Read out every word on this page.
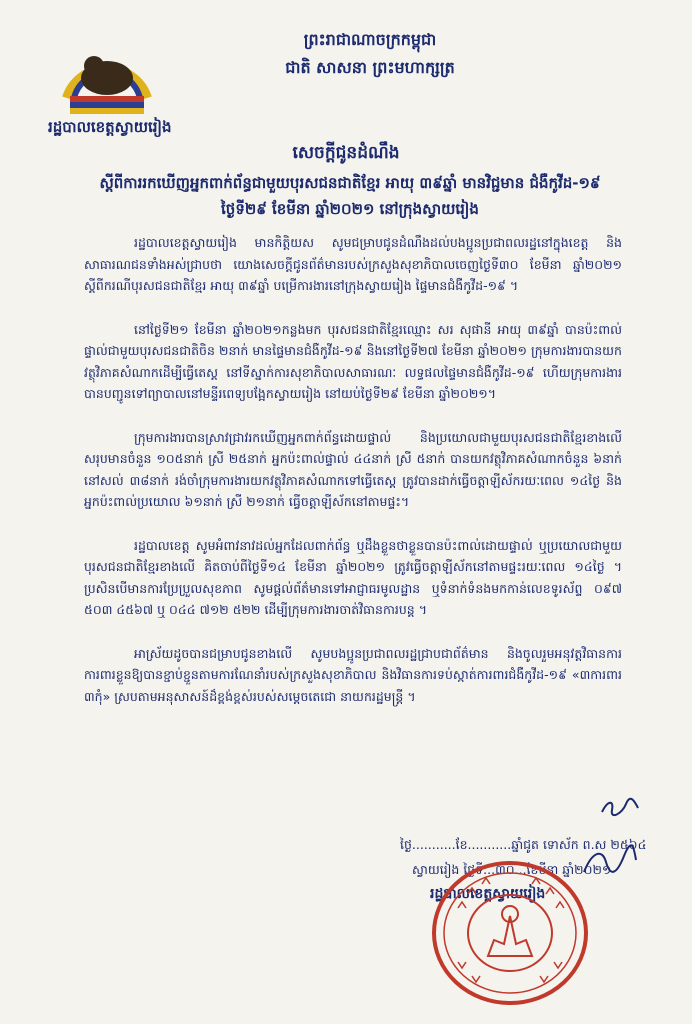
រដ្ឋបាលខេត្តស្វាយរៀង
ព្រះរាជាណាចក្រកម្ពុជា
ជាតិ សាសនា ព្រះមហាក្សត្រ
សេចក្តីជូនដំណឹង
ស្តីពីការរកឃើញអ្នកពាក់ព័ន្ធជាមួយបុរសជនជាតិខ្មែរ អាយុ ៣៩ឆ្នាំ មានវិជ្ជមាន ជំងឺកូវីដ-១៩ ថ្ងៃទី២៩ ខែមីនា ឆ្នាំ២០២១ នៅក្រុងស្វាយរៀង

រដ្ឋបាលខេត្តស្វាយរៀង មានកិត្តិយស សូមជម្រាបជូនដំណឹងដល់បងប្អូនប្រជាពលរដ្ឋនៅក្នុងខេត្ត និងសាធារណជនទាំងអស់ជ្រាបថា យោងសេចក្តីជូនព័ត៌មានរបស់ក្រសួងសុខាភិបាលចេញថ្ងៃទី៣០ ខែមីនា ឆ្នាំ២០២១ ស្តីពីករណីបុរសជនជាតិខ្មែរ អាយុ ៣៩ឆ្នាំ បម្រើការងារនៅក្រុងស្វាយរៀង ផ្ទៃមានជំងឺកូវីដ-១៩ ។

នៅថ្ងៃទី២១ ខែមីនា ឆ្នាំ២០២១កន្លងមក បុរសជនជាតិខ្មែរឈ្មោះ សរ សុផានី អាយុ ៣៩ឆ្នាំ បានប៉ះពាល់ផ្ទាល់ជាមួយបុរសជនជាតិចិន ២នាក់ មានផ្ទៃមានជំងឺកូវីដ-១៩ និងនៅថ្ងៃទី២៧ ខែមីនា ឆ្នាំ២០២១ ក្រុមការងារបានយកវត្ថុវិភាគសំណាកដើម្បីធ្វើតេស្ត នៅទីស្នាក់ការសុខាភិបាលសាធារណៈ លទ្ធផលផ្ទៃមានជំងឺកូវីដ-១៩ ហើយក្រុមការងារបានបញ្ជូនទៅព្យាបាលនៅមន្ទីរពេទ្យបង្អែកស្វាយរៀង នៅយប់ថ្ងៃទី២៩ ខែមីនា ឆ្នាំ២០២១។

ក្រុមការងារបានស្រាវជ្រាវរកឃើញអ្នកពាក់ព័ន្ធដោយផ្ទាល់ និងប្រយោលជាមួយបុរសជនជាតិខ្មែរខាងលើ សរុបមានចំនួន ១០៥នាក់ ស្រី ២៥នាក់ អ្នកប៉ះពាល់ផ្ទាល់ ៤៤នាក់ ស្រី ៥នាក់ បានយកវត្ថុវិភាគសំណាកចំនួន ៦នាក់ នៅសល់ ៣៨នាក់ រង់ចាំក្រុមការងារយកវត្ថុវិភាគសំណាកទៅធ្វើតេស្ត ត្រូវបានដាក់ធ្វើចត្តាឡីស័ករយៈពេល ១៤ថ្ងៃ និងអ្នកប៉ះពាល់ប្រយោល ៦១នាក់ ស្រី ២១នាក់ ធ្វើចត្តាឡីស័កនៅតាមផ្ទះ។

រដ្ឋបាលខេត្ត សូមអំពាវនាវដល់អ្នកដែលពាក់ព័ន្ធ ឬដឹងខ្លួនថាខ្លួនបានប៉ះពាល់ដោយផ្ទាល់ ឬប្រយោលជាមួយបុរសជនជាតិខ្មែរខាងលើ គិតចាប់ពីថ្ងៃទី១៤ ខែមីនា ឆ្នាំ២០២១ ត្រូវធ្វើចត្តាឡីស័កនៅតាមផ្ទះរយៈពេល ១៤ថ្ងៃ ។ ប្រសិនបើមានការប្រែប្រួលសុខភាព សូមផ្តល់ព័ត៌មានទៅអាជ្ញាធរមូលដ្ឋាន ឬទំនាក់ទំនងមកកាន់លេខទូរស័ព្ទ ០៩៧ ៥០៣ ៤៥៦៧ ឬ ០៤៤ ៧១២ ៥២២ ដើម្បីក្រុមការងារចាត់វិធានការបន្ត ។

អាស្រ័យដូចបានជម្រាបជូនខាងលើ សូមបងប្អូនប្រជាពលរដ្ឋជ្រាបជាព័ត៌មាន និងចូលរួមអនុវត្តវិធានការការពារខ្លួនឱ្យបានខ្ជាប់ខ្ជួនតាមការណែនាំរបស់ក្រសួងសុខាភិបាល និងវិធានការទប់ស្កាត់ការពារជំងឺកូវីដ-១៩ «៣ការពារ ៣កុំ» ស្របតាមអនុសាសន៍ដ៏ខ្ពង់ខ្ពស់របស់សម្តេចតេជោ នាយករដ្ឋមន្ត្រី ។

ថ្ងៃ...........ខែ...........ឆ្នាំជូត ទោស័ក ព.ស ២៥៦៤
ស្វាយរៀង ថ្ងៃទី...៣០...ខែមីនា ឆ្នាំ២០២១
រដ្ឋបាលខេត្តស្វាយរៀង
